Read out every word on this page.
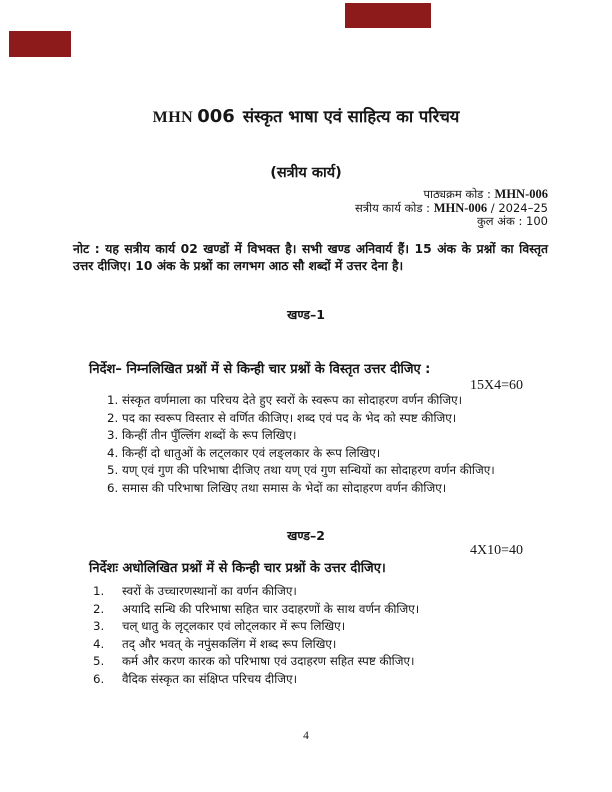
MHN 006 संस्कृत भाषा एवं साहित्य का परिचय
(सत्रीय कार्य)
पाठ्यक्रम कोड : MHN-006
सत्रीय कार्य कोड : MHN-006 / 2024–25
कुल अंक : 100

नोट : यह सत्रीय कार्य 02 खण्डों में विभक्त है। सभी खण्ड अनिवार्य हैं। 15 अंक के प्रश्नों का विस्तृत उत्तर दीजिए। 10 अंक के प्रश्नों का लगभग आठ सौ शब्दों में उत्तर देना है।

खण्ड–1
निर्देश– निम्नलिखित प्रश्नों में से किन्ही चार प्रश्नों के विस्तृत उत्तर दीजिए :
15X4=60
1. संस्कृत वर्णमाला का परिचय देते हुए स्वरों के स्वरूप का सोदाहरण वर्णन कीजिए।
2. पद का स्वरूप विस्तार से वर्णित कीजिए। शब्द एवं पद के भेद को स्पष्ट कीजिए।
3. किन्हीं तीन पुँल्लिंग शब्दों के रूप लिखिए।
4. किन्हीं दो धातुओं के लट्लकार एवं लङ्लकार के रूप लिखिए।
5. यण् एवं गुण की परिभाषा दीजिए तथा यण् एवं गुण सन्धियों का सोदाहरण वर्णन कीजिए।
6. समास की परिभाषा लिखिए तथा समास के भेदों का सोदाहरण वर्णन कीजिए।
खण्ड–2
4X10=40
निर्देशः अधोलिखित प्रश्नों में से किन्ही चार प्रश्नों के उत्तर दीजिए।
1.	स्वरों के उच्चारणस्थानों का वर्णन कीजिए।
2.	अयादि सन्धि की परिभाषा सहित चार उदाहरणों के साथ वर्णन कीजिए।
3.	चल् धातु के लृट्लकार एवं लोट्लकार में रूप लिखिए।
4.	तद् और भवत् के नपुंसकलिंग में शब्द रूप लिखिए।
5.	कर्म और करण कारक को परिभाषा एवं उदाहरण सहित स्पष्ट कीजिए।
6.	वैदिक संस्कृत का संक्षिप्त परिचय दीजिए।
4
